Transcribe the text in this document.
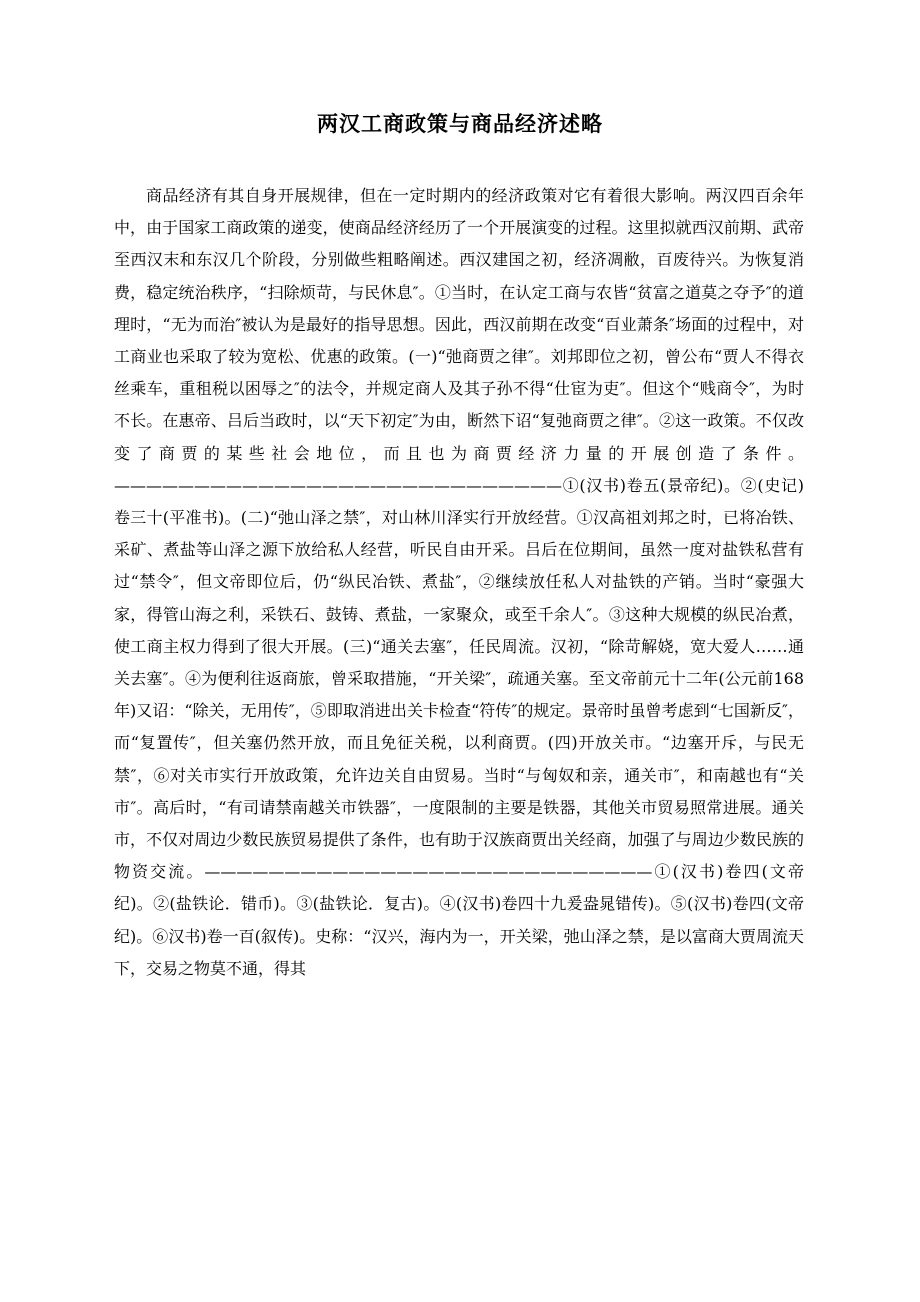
两汉工商政策与商品经济述略
商品经济有其自身开展规律，但在一定时期内的经济政策对它有着很大影响。两汉四百余年中，由于国家工商政策的递变，使商品经济经历了一个开展演变的过程。这里拟就西汉前期、武帝至西汉末和东汉几个阶段，分别做些粗略阐述。西汉建国之初，经济凋敝，百废待兴。为恢复消费，稳定统治秩序，“扫除烦苛，与民休息″。①当时，在认定工商与农皆“贫富之道莫之夺予″的道理时，“无为而治″被认为是最好的指导思想。因此，西汉前期在改变“百业萧条″场面的过程中，对工商业也采取了较为宽松、优惠的政策。(一)“弛商贾之律″。刘邦即位之初，曾公布“贾人不得衣丝乘车，重租税以困辱之″的法令，并规定商人及其子孙不得“仕宦为吏″。但这个“贱商令″，为时不长。在惠帝、吕后当政时，以“天下初定″为由，断然下诏“复弛商贾之律″。②这一政策。不仅改变了商贾的某些社会地位，而且也为商贾经济力量的开展创造了条件。————————————————————————————①(汉书)卷五(景帝纪)。②(史记)卷三十(平准书)。(二)“弛山泽之禁″，对山林川泽实行开放经营。①汉高祖刘邦之时，已将冶铁、采矿、煮盐等山泽之源下放给私人经营，听民自由开采。吕后在位期间，虽然一度对盐铁私营有过“禁令″，但文帝即位后，仍“纵民冶铁、煮盐″，②继续放任私人对盐铁的产销。当时“豪强大家，得管山海之利，采铁石、鼓铸、煮盐，一家聚众，或至千余人″。③这种大规模的纵民冶煮，使工商主权力得到了很大开展。(三)“通关去塞″，任民周流。汉初，“除苛解娆，宽大爱人……通关去塞″。④为便利往返商旅，曾采取措施，“开关梁″，疏通关塞。至文帝前元十二年(公元前168年)又诏：“除关，无用传″，⑤即取消进出关卡检查“符传″的规定。景帝时虽曾考虑到“七国新反″，而“复置传″，但关塞仍然开放，而且免征关税，以利商贾。(四)开放关市。“边塞开斥，与民无禁″，⑥对关市实行开放政策，允许边关自由贸易。当时“与匈奴和亲，通关市″，和南越也有“关市″。高后时，“有司请禁南越关市铁器″，一度限制的主要是铁器，其他关市贸易照常进展。通关市，不仅对周边少数民族贸易提供了条件，也有助于汉族商贾出关经商，加强了与周边少数民族的物资交流。————————————————————————————①(汉书)卷四(文帝纪)。②(盐铁论．错币)。③(盐铁论．复古)。④(汉书)卷四十九爰盎晁错传)。⑤(汉书)卷四(文帝纪)。⑥汉书)卷一百(叙传)。史称：“汉兴，海内为一，开关梁，弛山泽之禁，是以富商大贾周流天下，交易之物莫不通，得其
